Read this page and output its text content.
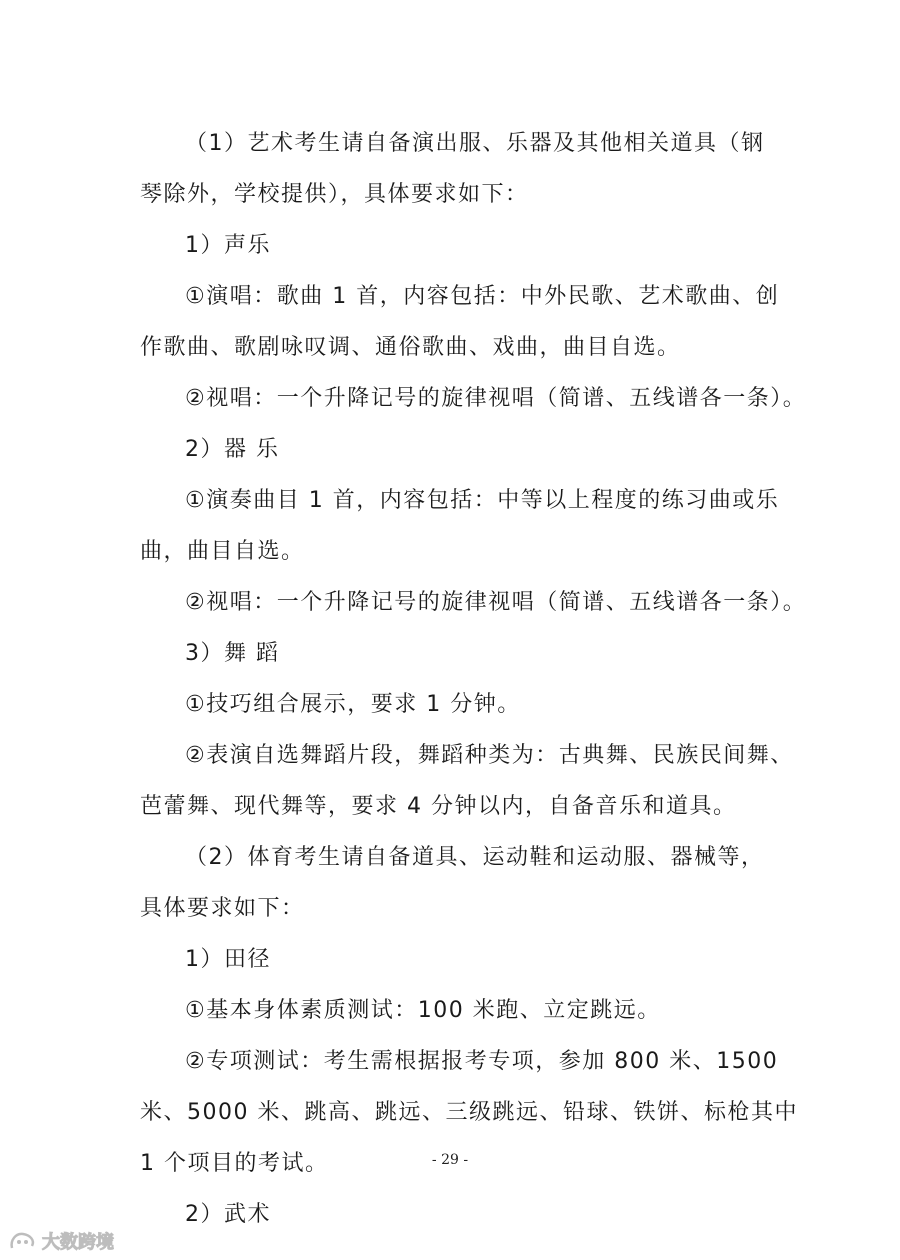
（1）艺术考生请自备演出服、乐器及其他相关道具（钢
琴除外，学校提供），具体要求如下：
1）声乐
①演唱：歌曲 1 首，内容包括：中外民歌、艺术歌曲、创
作歌曲、歌剧咏叹调、通俗歌曲、戏曲，曲目自选。
②视唱：一个升降记号的旋律视唱（简谱、五线谱各一条）。
2）器 乐
①演奏曲目 1 首，内容包括：中等以上程度的练习曲或乐
曲，曲目自选。
②视唱：一个升降记号的旋律视唱（简谱、五线谱各一条）。
3）舞 蹈
①技巧组合展示，要求 1 分钟。
②表演自选舞蹈片段，舞蹈种类为：古典舞、民族民间舞、
芭蕾舞、现代舞等，要求 4 分钟以内，自备音乐和道具。
（2）体育考生请自备道具、运动鞋和运动服、器械等，
具体要求如下：
1）田径
①基本身体素质测试：100 米跑、立定跳远。
②专项测试：考生需根据报考专项，参加 800 米、1500
米、5000 米、跳高、跳远、三级跳远、铅球、铁饼、标枪其中
1 个项目的考试。
2）武术
- 29 -
大数跨境
